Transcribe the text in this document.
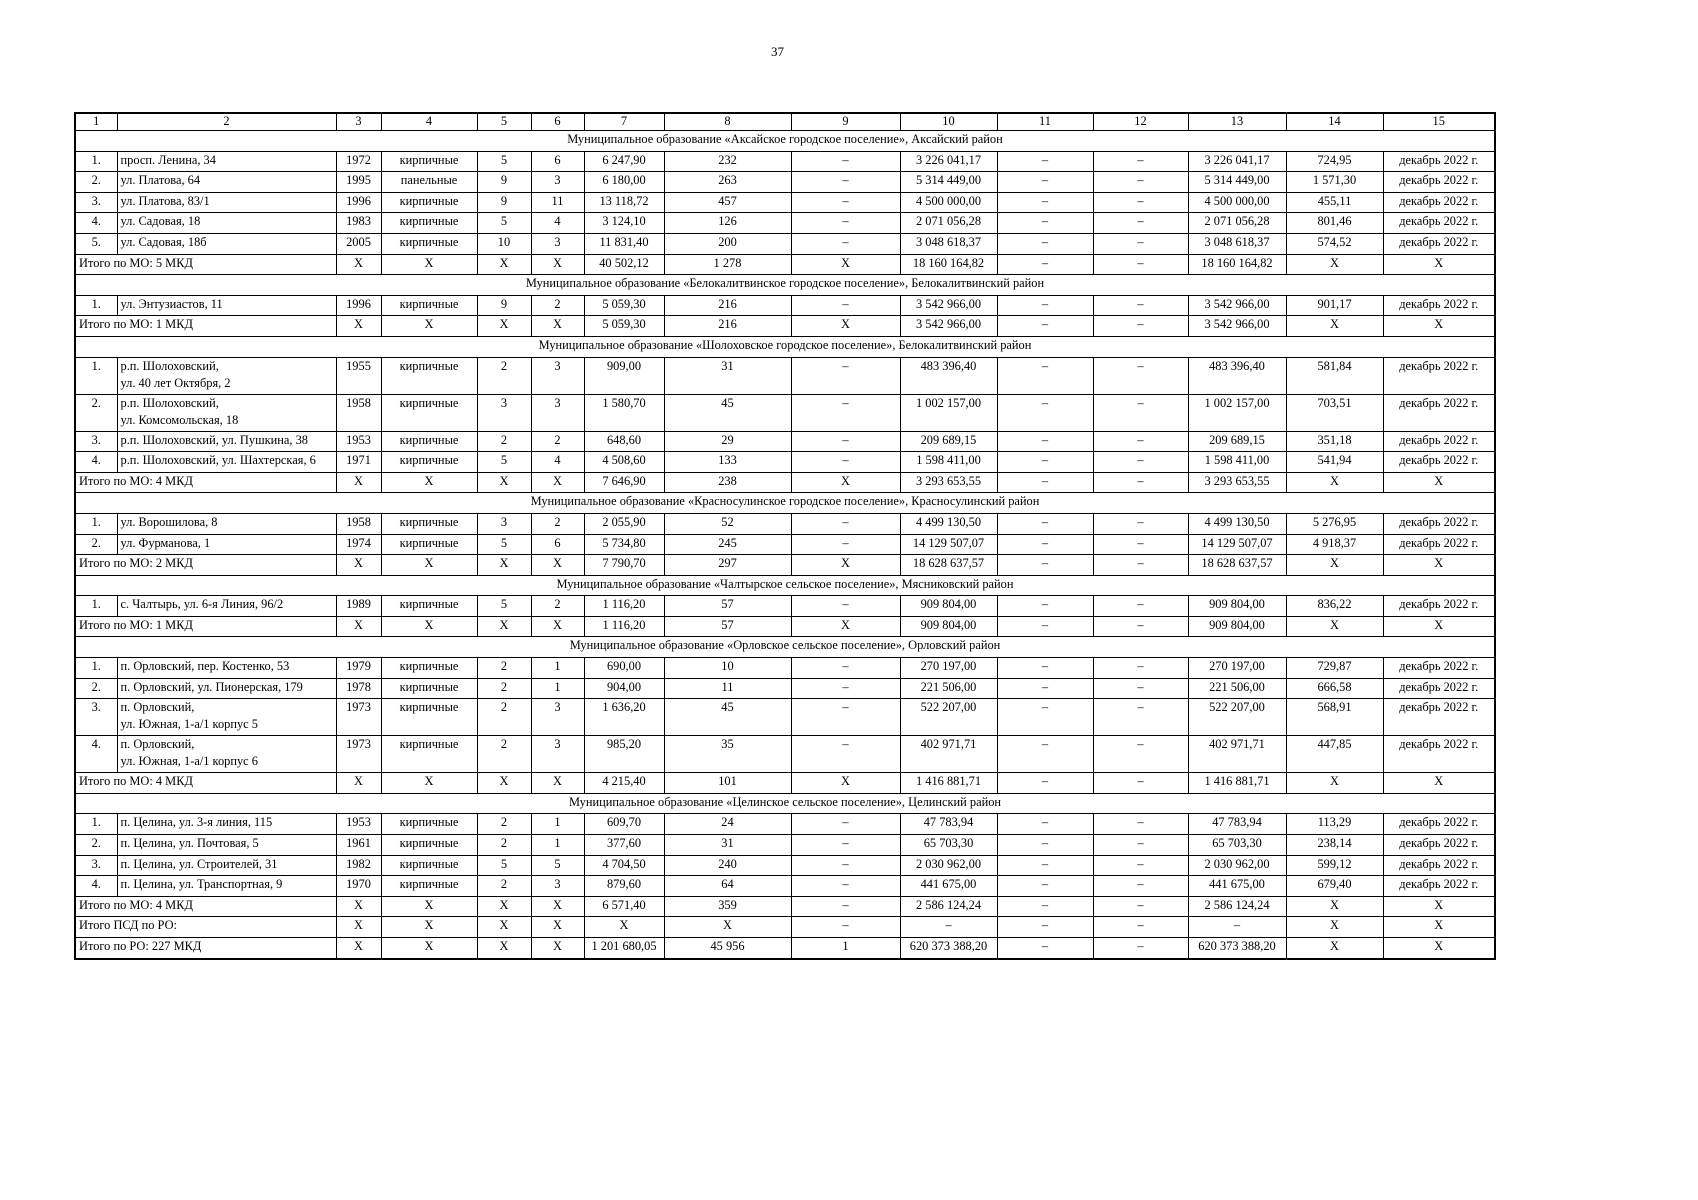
37
1	2	3	4	5	6	7	8	9	10	11	12	13	14	15
Муниципальное образование «Аксайское городское поселение», Аксайский район														
1.	просп. Ленина, 34	1972	кирпичные	5	6	6 247,90	232	–	3 226 041,17	–	–	3 226 041,17	724,95	декабрь 2022 г.
2.	ул. Платова, 64	1995	панельные	9	3	6 180,00	263	–	5 314 449,00	–	–	5 314 449,00	1 571,30	декабрь 2022 г.
3.	ул. Платова, 83/1	1996	кирпичные	9	11	13 118,72	457	–	4 500 000,00	–	–	4 500 000,00	455,11	декабрь 2022 г.
4.	ул. Садовая, 18	1983	кирпичные	5	4	3 124,10	126	–	2 071 056,28	–	–	2 071 056,28	801,46	декабрь 2022 г.
5.	ул. Садовая, 18б	2005	кирпичные	10	3	11 831,40	200	–	3 048 618,37	–	–	3 048 618,37	574,52	декабрь 2022 г.
Итого по МО: 5 МКД		X	X	X	X	40 502,12	1 278	X	18 160 164,82	–	–	18 160 164,82	X	X
Муниципальное образование «Белокалитвинское городское поселение», Белокалитвинский район														
1.	ул. Энтузиастов, 11	1996	кирпичные	9	2	5 059,30	216	–	3 542 966,00	–	–	3 542 966,00	901,17	декабрь 2022 г.
Итого по МО: 1 МКД		X	X	X	X	5 059,30	216	X	3 542 966,00	–	–	3 542 966,00	X	X
Муниципальное образование «Шолоховское городское поселение», Белокалитвинский район														
1.	р.п. Шолоховский,
ул. 40 лет Октября, 2	1955	кирпичные	2	3	909,00	31	–	483 396,40	–	–	483 396,40	581,84	декабрь 2022 г.
2.	р.п. Шолоховский,
ул. Комсомольская, 18	1958	кирпичные	3	3	1 580,70	45	–	1 002 157,00	–	–	1 002 157,00	703,51	декабрь 2022 г.
3.	р.п. Шолоховский, ул. Пушкина, 38	1953	кирпичные	2	2	648,60	29	–	209 689,15	–	–	209 689,15	351,18	декабрь 2022 г.
4.	р.п. Шолоховский, ул. Шахтерская, 6	1971	кирпичные	5	4	4 508,60	133	–	1 598 411,00	–	–	1 598 411,00	541,94	декабрь 2022 г.
Итого по МО: 4 МКД		X	X	X	X	7 646,90	238	X	3 293 653,55	–	–	3 293 653,55	X	X
Муниципальное образование «Красносулинское городское поселение», Красносулинский район														
1.	ул. Ворошилова, 8	1958	кирпичные	3	2	2 055,90	52	–	4 499 130,50	–	–	4 499 130,50	5 276,95	декабрь 2022 г.
2.	ул. Фурманова, 1	1974	кирпичные	5	6	5 734,80	245	–	14 129 507,07	–	–	14 129 507,07	4 918,37	декабрь 2022 г.
Итого по МО: 2 МКД		X	X	X	X	7 790,70	297	X	18 628 637,57	–	–	18 628 637,57	X	X
Муниципальное образование «Чалтырское сельское поселение», Мясниковский район														
1.	с. Чалтырь, ул. 6-я Линия, 96/2	1989	кирпичные	5	2	1 116,20	57	–	909 804,00	–	–	909 804,00	836,22	декабрь 2022 г.
Итого по МО: 1 МКД		X	X	X	X	1 116,20	57	X	909 804,00	–	–	909 804,00	X	X
Муниципальное образование «Орловское сельское поселение», Орловский район														
1.	п. Орловский, пер. Костенко, 53	1979	кирпичные	2	1	690,00	10	–	270 197,00	–	–	270 197,00	729,87	декабрь 2022 г.
2.	п. Орловский, ул. Пионерская, 179	1978	кирпичные	2	1	904,00	11	–	221 506,00	–	–	221 506,00	666,58	декабрь 2022 г.
3.	п. Орловский,
ул. Южная, 1-а/1 корпус 5	1973	кирпичные	2	3	1 636,20	45	–	522 207,00	–	–	522 207,00	568,91	декабрь 2022 г.
4.	п. Орловский,
ул. Южная, 1-а/1 корпус 6	1973	кирпичные	2	3	985,20	35	–	402 971,71	–	–	402 971,71	447,85	декабрь 2022 г.
Итого по МО: 4 МКД		X	X	X	X	4 215,40	101	X	1 416 881,71	–	–	1 416 881,71	X	X
Муниципальное образование «Целинское сельское поселение», Целинский район														
1.	п. Целина, ул. 3-я линия, 115	1953	кирпичные	2	1	609,70	24	–	47 783,94	–	–	47 783,94	113,29	декабрь 2022 г.
2.	п. Целина, ул. Почтовая, 5	1961	кирпичные	2	1	377,60	31	–	65 703,30	–	–	65 703,30	238,14	декабрь 2022 г.
3.	п. Целина, ул. Строителей, 31	1982	кирпичные	5	5	4 704,50	240	–	2 030 962,00	–	–	2 030 962,00	599,12	декабрь 2022 г.
4.	п. Целина, ул. Транспортная, 9	1970	кирпичные	2	3	879,60	64	–	441 675,00	–	–	441 675,00	679,40	декабрь 2022 г.
Итого по МО: 4 МКД		X	X	X	X	6 571,40	359	–	2 586 124,24	–	–	2 586 124,24	X	X
Итого ПСД по РО:		X	X	X	X	X	X	–	–	–	–	–	X	X
Итого по РО: 227 МКД		X	X	X	X	1 201 680,05	45 956	1	620 373 388,20	–	–	620 373 388,20	X	X
